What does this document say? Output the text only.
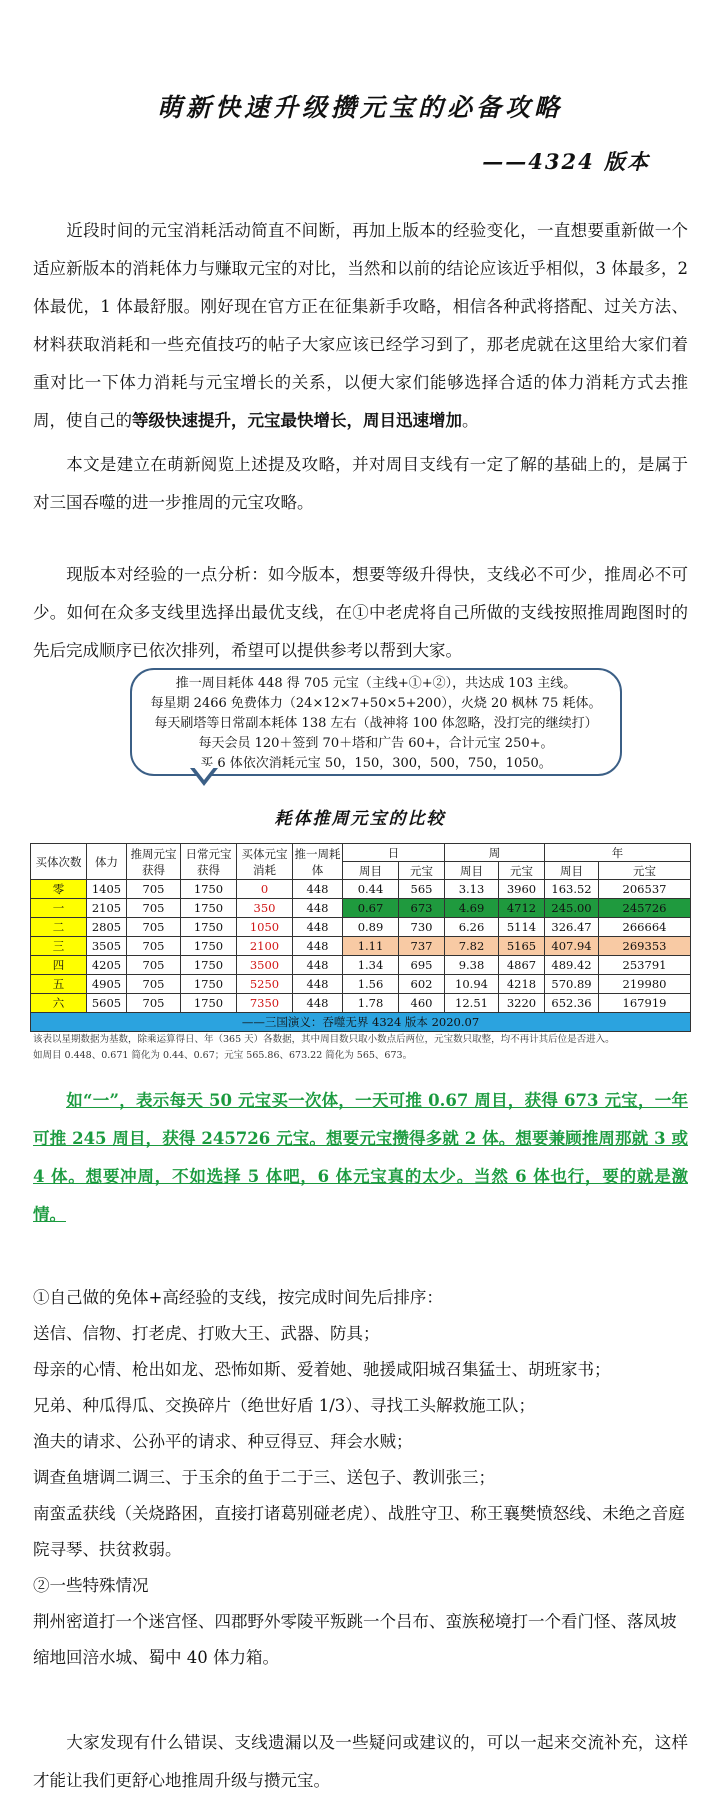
萌新快速升级攒元宝的必备攻略
——4324 版本

近段时间的元宝消耗活动简直不间断，再加上版本的经验变化，一直想要重新做一个适应新版本的消耗体力与赚取元宝的对比，当然和以前的结论应该近乎相似，3 体最多，2 体最优，1 体最舒服。刚好现在官方正在征集新手攻略，相信各种武将搭配、过关方法、材料获取消耗和一些充值技巧的帖子大家应该已经学习到了，那老虎就在这里给大家们着重对比一下体力消耗与元宝增长的关系，以便大家们能够选择合适的体力消耗方式去推周，使自己的等级快速提升，元宝最快增长，周目迅速增加。

本文是建立在萌新阅览上述提及攻略，并对周目支线有一定了解的基础上的，是属于对三国吞噬的进一步推周的元宝攻略。

现版本对经验的一点分析：如今版本，想要等级升得快，支线必不可少，推周必不可少。如何在众多支线里选择出最优支线，在①中老虎将自己所做的支线按照推周跑图时的先后完成顺序已依次排列，希望可以提供参考以帮到大家。

推一周目耗体 448 得 705 元宝（主线+①+②），共达成 103 主线。
每星期 2466 免费体力（24×12×7+50×5+200），火烧 20 枫林 75 耗体。
每天刷塔等日常副本耗体 138 左右（战神将 100 体忽略，没打完的继续打）
每天会员 120＋签到 70＋塔和广告 60+，合计元宝 250+。
买 6 体依次消耗元宝 50，150，300，500，750，1050。
耗体推周元宝的比较
买体次数	体力	推周元宝获得	日常元宝获得	买体元宝消耗	推一周耗体	日		周		年	
						周目	元宝	周目	元宝	周目	元宝
零	1405	705	1750	0	448	0.44	565	3.13	3960	163.52	206537
一	2105	705	1750	350	448	0.67	673	4.69	4712	245.00	245726
二	2805	705	1750	1050	448	0.89	730	6.26	5114	326.47	266664
三	3505	705	1750	2100	448	1.11	737	7.82	5165	407.94	269353
四	4205	705	1750	3500	448	1.34	695	9.38	4867	489.42	253791
五	4905	705	1750	5250	448	1.56	602	10.94	4218	570.89	219980
六	5605	705	1750	7350	448	1.78	460	12.51	3220	652.36	167919
——三国演义：吞噬无界 4324 版本 2020.07											
该表以星期数据为基数，除乘运算得日、年（365 天）各数据，其中周目数只取小数点后两位，元宝数只取整，均不再计其后位是否进入。
如周目 0.448、0.671 简化为 0.44、0.67；元宝 565.86、673.22 简化为 565、673。

如“一”，表示每天 50 元宝买一次体，一天可推 0.67 周目，获得 673 元宝，一年可推 245 周目，获得 245726 元宝。想要元宝攒得多就 2 体。想要兼顾推周那就 3 或 4 体。想要冲周，不如选择 5 体吧，6 体元宝真的太少。当然 6 体也行，要的就是激情。

①自己做的免体+高经验的支线，按完成时间先后排序：
送信、信物、打老虎、打败大王、武器、防具；
母亲的心情、枪出如龙、恐怖如斯、爱着她、驰援咸阳城召集猛士、胡班家书；
兄弟、种瓜得瓜、交换碎片（绝世好盾 1/3）、寻找工头解救施工队；
渔夫的请求、公孙平的请求、种豆得豆、拜会水贼；
调查鱼塘调二调三、于玉余的鱼于二于三、送包子、教训张三；
南蛮孟获线（关烧路困，直接打诸葛别碰老虎）、战胜守卫、称王襄樊愤怒线、未绝之音庭院寻琴、扶贫救弱。
②一些特殊情况
荆州密道打一个迷宫怪、四郡野外零陵平叛跳一个吕布、蛮族秘境打一个看门怪、落凤坡缩地回涪水城、蜀中 40 体力箱。

大家发现有什么错误、支线遗漏以及一些疑问或建议的，可以一起来交流补充，这样才能让我们更舒心地推周升级与攒元宝。
